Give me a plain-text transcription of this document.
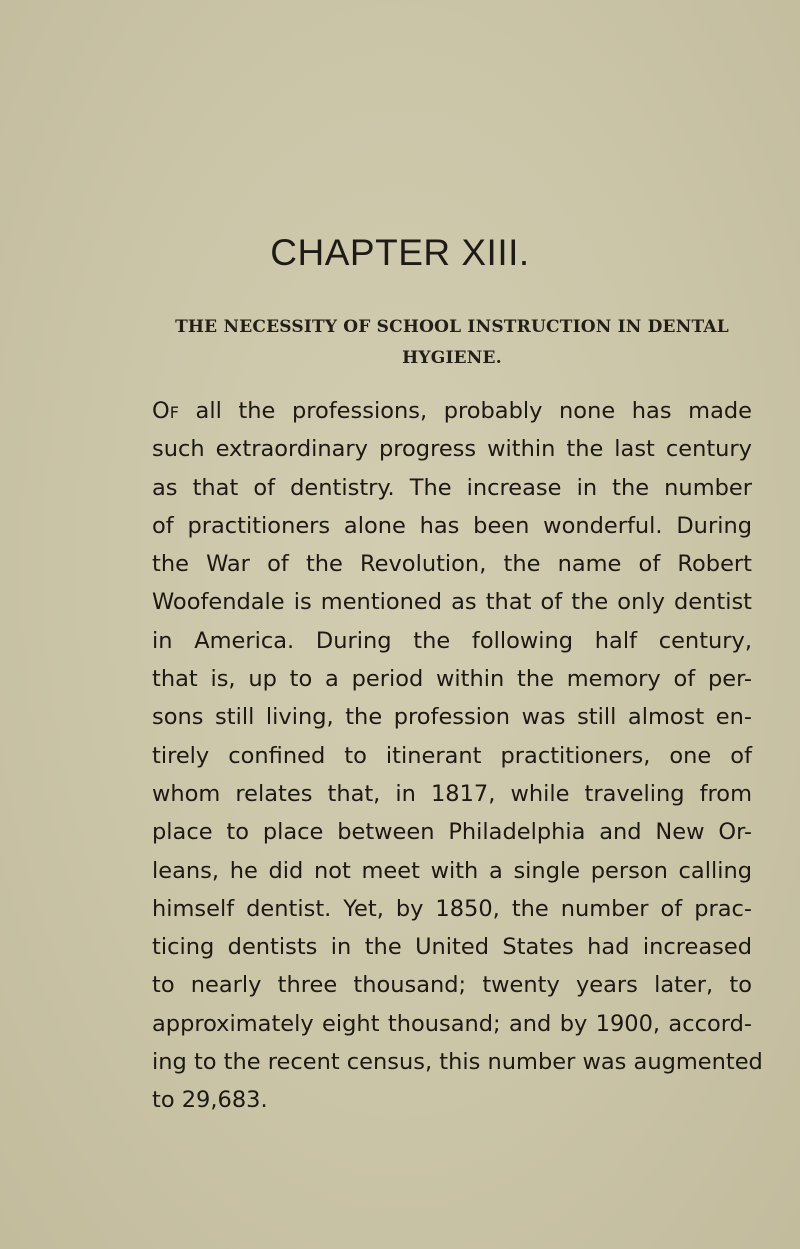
CHAPTER XIII.
THE NECESSITY OF SCHOOL INSTRUCTION IN DENTAL
HYGIENE.
Of all the professions, probably none has made
such extraordinary progress within the last century
as that of dentistry. The increase in the number
of practitioners alone has been wonderful. During
the War of the Revolution, the name of Robert
Woofendale is mentioned as that of the only dentist
in America. During the following half century,
that is, up to a period within the memory of per-
sons still living, the profession was still almost en-
tirely confined to itinerant practitioners, one of
whom relates that, in 1817, while traveling from
place to place between Philadelphia and New Or-
leans, he did not meet with a single person calling
himself dentist. Yet, by 1850, the number of prac-
ticing dentists in the United States had increased
to nearly three thousand; twenty years later, to
approximately eight thousand; and by 1900, accord-
ing to the recent census, this number was augmented
to 29,683.
